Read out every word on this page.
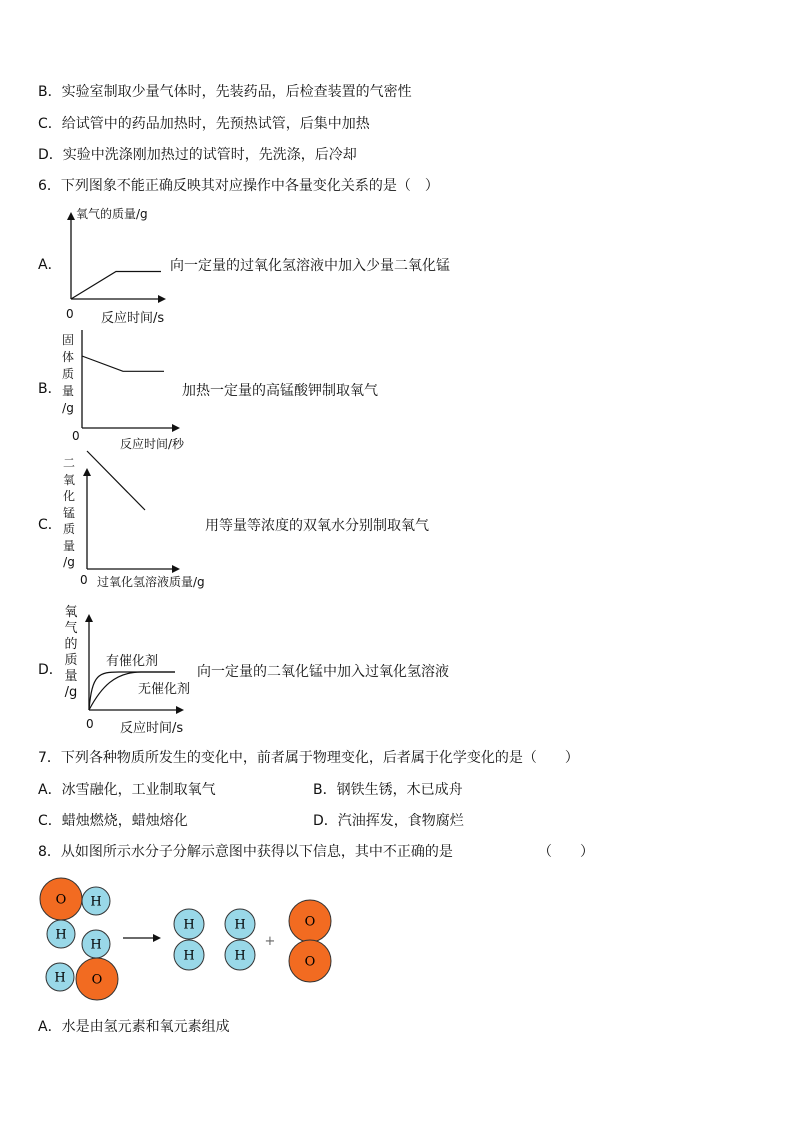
B．实验室制取少量气体时，先装药品，后检查装置的气密性
C．给试管中的药品加热时，先预热试管，后集中加热
D．实验中洗涤刚加热过的试管时，先洗涤，后冷却
6．下列图象不能正确反映其对应操作中各量变化关系的是（　）
A．
氧气的质量/g
0 反应时间/s
向一定量的过氧化氢溶液中加入少量二氧化锰
B．
固
体
质
量
/g
0
反应时间/秒
加热一定量的高锰酸钾制取氧气
C．
二
氧
化
锰
质
量
/g
0 过氧化氢溶液质量/g
用等量等浓度的双氧水分别制取氧气
D．
氧
气
的
质
量
/g
有催化剂
无催化剂
0 反应时间/s
向一定量的二氧化锰中加入过氧化氢溶液
7．下列各种物质所发生的变化中，前者属于物理变化，后者属于化学变化的是（　　）
A．冰雪融化，工业制取氧气	B．钢铁生锈，木已成舟
C．蜡烛燃烧，蜡烛熔化	D．汽油挥发，食物腐烂
8．从如图所示水分子分解示意图中获得以下信息，其中不正确的是	（　　）
O H
H
H
O
H
H
H
H
H
+
O
O
A．水是由氢元素和氧元素组成
